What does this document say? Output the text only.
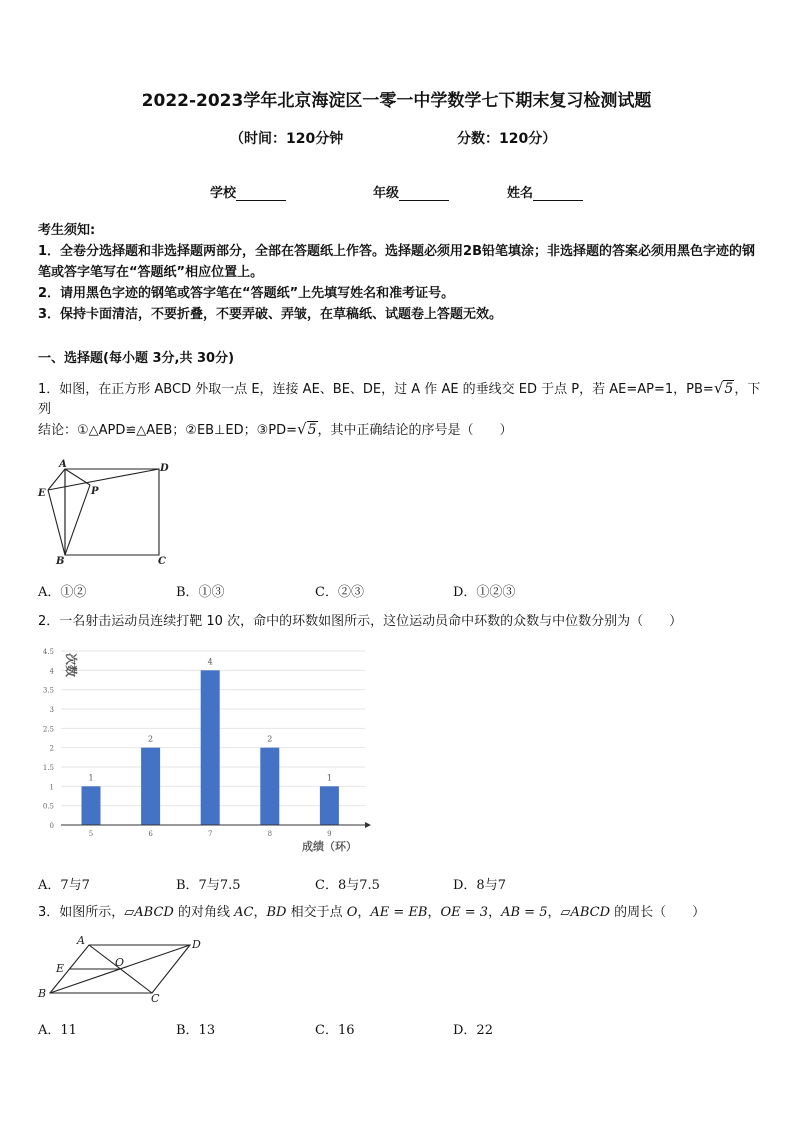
2022-2023学年北京海淀区一零一中学数学七下期末复习检测试题
（时间：120分钟	分数：120分）
学校	年级	姓名

考生须知:

1．全卷分选择题和非选择题两部分，全部在答题纸上作答。选择题必须用2B铅笔填涂；非选择题的答案必须用黑色字迹的钢笔或答字笔写在“答题纸”相应位置上。

2．请用黑色字迹的钢笔或答字笔在“答题纸”上先填写姓名和准考证号。

3．保持卡面清洁，不要折叠，不要弄破、弄皱，在草稿纸、试题卷上答题无效。

一、选择题(每小题 3分,共 30分)
1．如图，在正方形 ABCD 外取一点 E，连接 AE、BE、DE，过 A 作 AE 的垂线交 ED 于点 P，若 AE=AP=1，PB=√5，下列
结论：①△APD≌△AEB；②EB⊥ED；③PD=√5，其中正确结论的序号是（　　）
A	D
E	P
B	C
A．①②	B．①③	C．②③	D．①②③
2．一名射击运动员连续打靶 10 次，命中的环数如图所示，这位运动员命中环数的众数与中位数分别为（　　）
0
0.5
1
1.5
2
2.5
3
3.5
4
4.5
1
2
4
2
1
5	6	7	8	9
次数
成绩（环）
A．7与7	B．7与7.5	C．8与7.5	D．8与7
3．如图所示，▱ABCD 的对角线 AC，BD 相交于点 O，AE = EB，OE = 3，AB = 5，▱ABCD 的周长（　　）
A	D
E	O
B	C
A．11	B．13	C．16	D．22
